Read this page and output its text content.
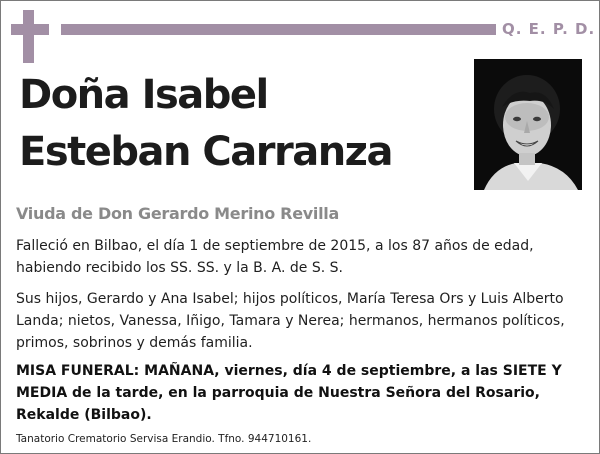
Q. E. P. D.
Doña Isabel
Esteban Carranza
Viuda de Don Gerardo Merino Revilla
Falleció en Bilbao, el día 1 de septiembre de 2015, a los 87 años de edad, habiendo recibido los SS. SS. y la B. A. de S. S.
Sus hijos, Gerardo y Ana Isabel; hijos políticos, María Teresa Ors y Luis Alberto Landa; nietos, Vanessa, Iñigo, Tamara y Nerea; hermanos, hermanos políticos, primos, sobrinos y demás familia.
MISA FUNERAL: MAÑANA, viernes, día 4 de septiembre, a las SIETE Y MEDIA de la tarde, en la parroquia de Nuestra Señora del Rosario, Rekalde (Bilbao).
Tanatorio Crematorio Servisa Erandio. Tfno. 944710161.
